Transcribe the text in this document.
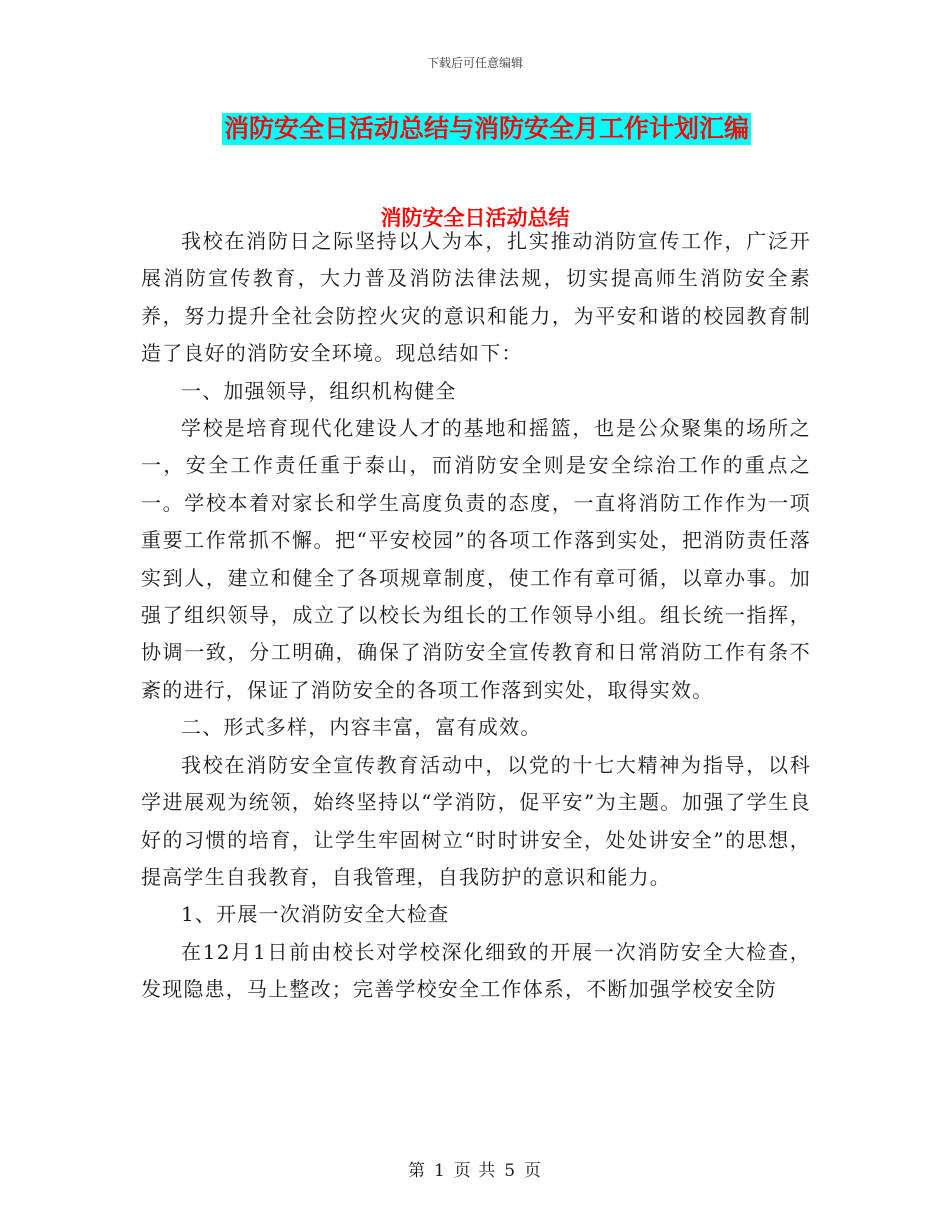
下载后可任意编辑
消防安全日活动总结与消防安全月工作计划汇编
消防安全日活动总结

我校在消防日之际坚持以人为本，扎实推动消防宣传工作，广泛开展消防宣传教育，大力普及消防法律法规，切实提高师生消防安全素养，努力提升全社会防控火灾的意识和能力，为平安和谐的校园教育制造了良好的消防安全环境。现总结如下：

一、加强领导，组织机构健全

学校是培育现代化建设人才的基地和摇篮，也是公众聚集的场所之一，安全工作责任重于泰山，而消防安全则是安全综治工作的重点之一。学校本着对家长和学生高度负责的态度，一直将消防工作作为一项重要工作常抓不懈。把“平安校园”的各项工作落到实处，把消防责任落实到人，建立和健全了各项规章制度，使工作有章可循，以章办事。加强了组织领导，成立了以校长为组长的工作领导小组。组长统一指挥，协调一致，分工明确，确保了消防安全宣传教育和日常消防工作有条不紊的进行，保证了消防安全的各项工作落到实处，取得实效。

二、形式多样，内容丰富，富有成效。

我校在消防安全宣传教育活动中，以党的十七大精神为指导，以科学进展观为统领，始终坚持以“学消防，促平安”为主题。加强了学生良好的习惯的培育，让学生牢固树立“时时讲安全，处处讲安全”的思想，提高学生自我教育，自我管理，自我防护的意识和能力。

1、开展一次消防安全大检查

在12月1日前由校长对学校深化细致的开展一次消防安全大检查，发现隐患，马上整改；完善学校安全工作体系，不断加强学校安全防

第 1 页 共 5 页
